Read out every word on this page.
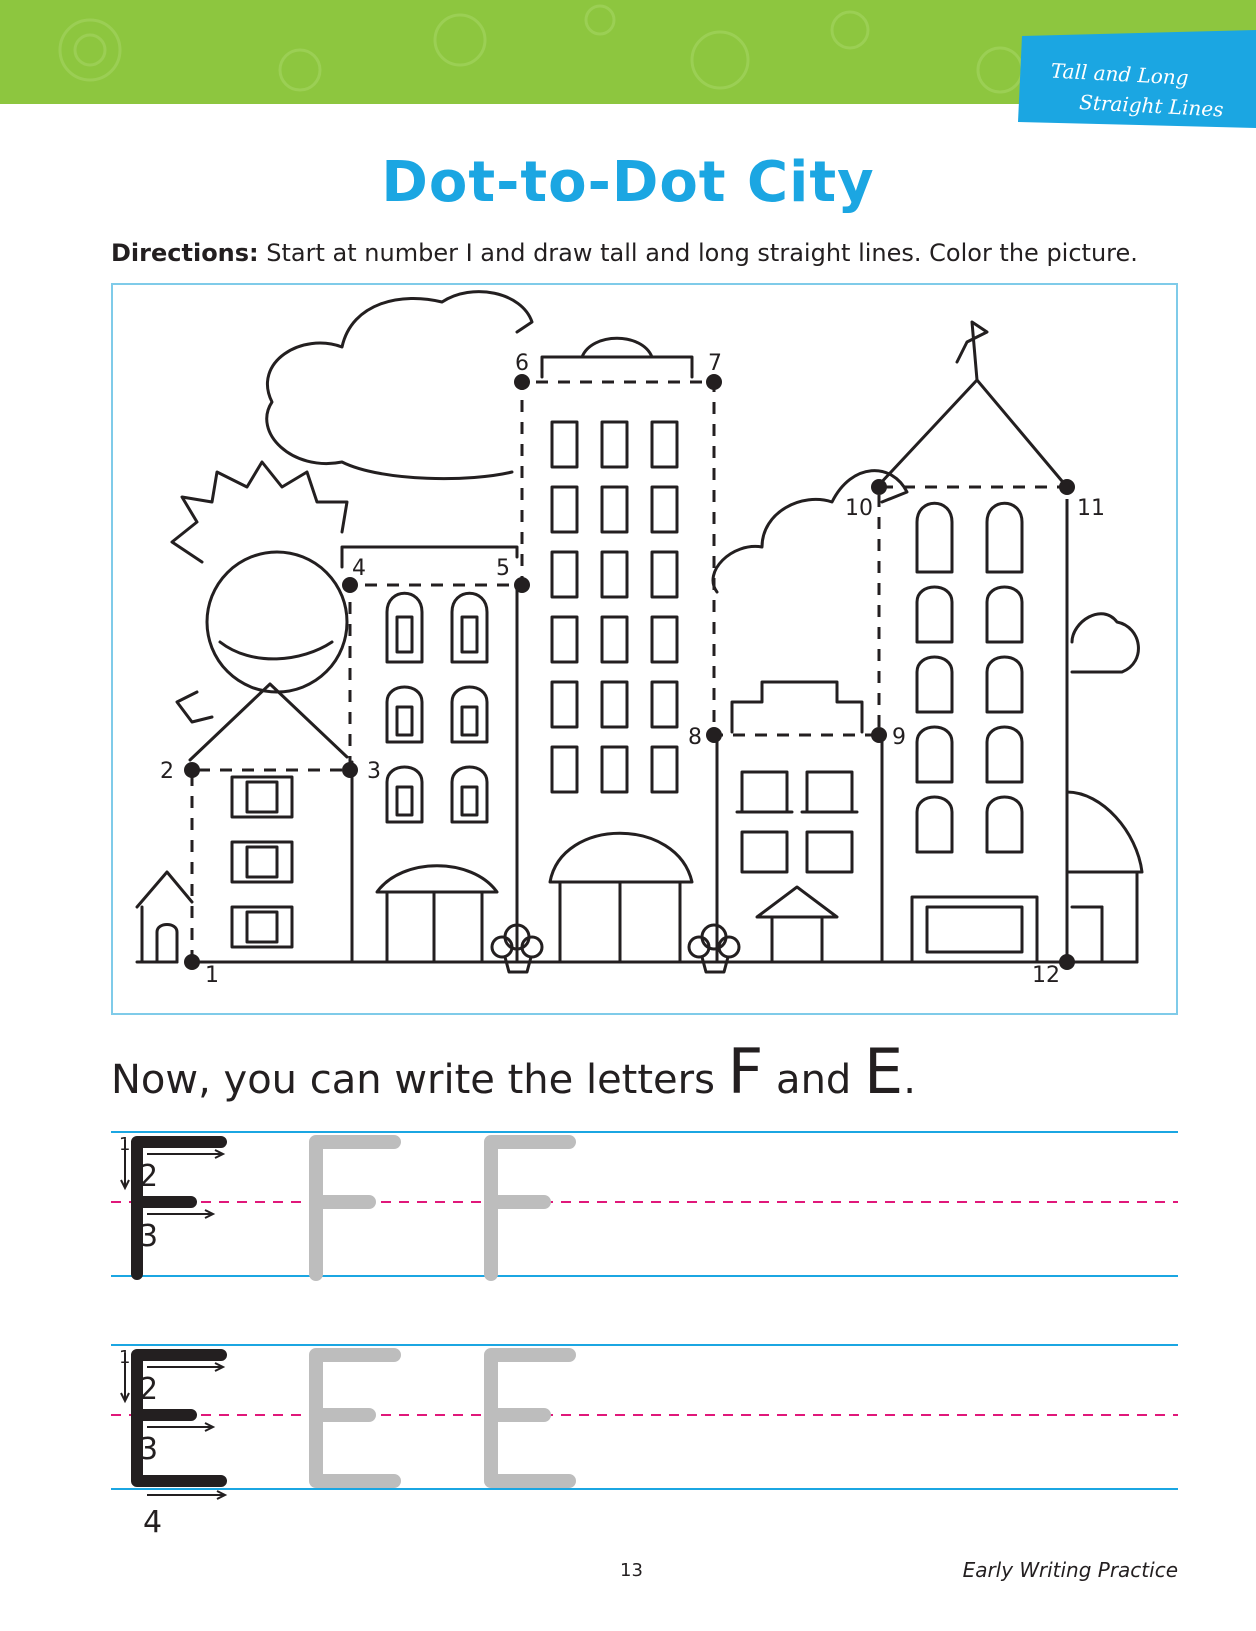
Tall and Long
Straight Lines
Dot-to-Dot City
Directions: Start at number I and draw tall and long straight lines. Color the picture.
1
2	3
4	5
6	7
8	9
10	11
12
Now, you can write the letters F and E.
1
2
3
1
2
3
4
13	Early Writing Practice
